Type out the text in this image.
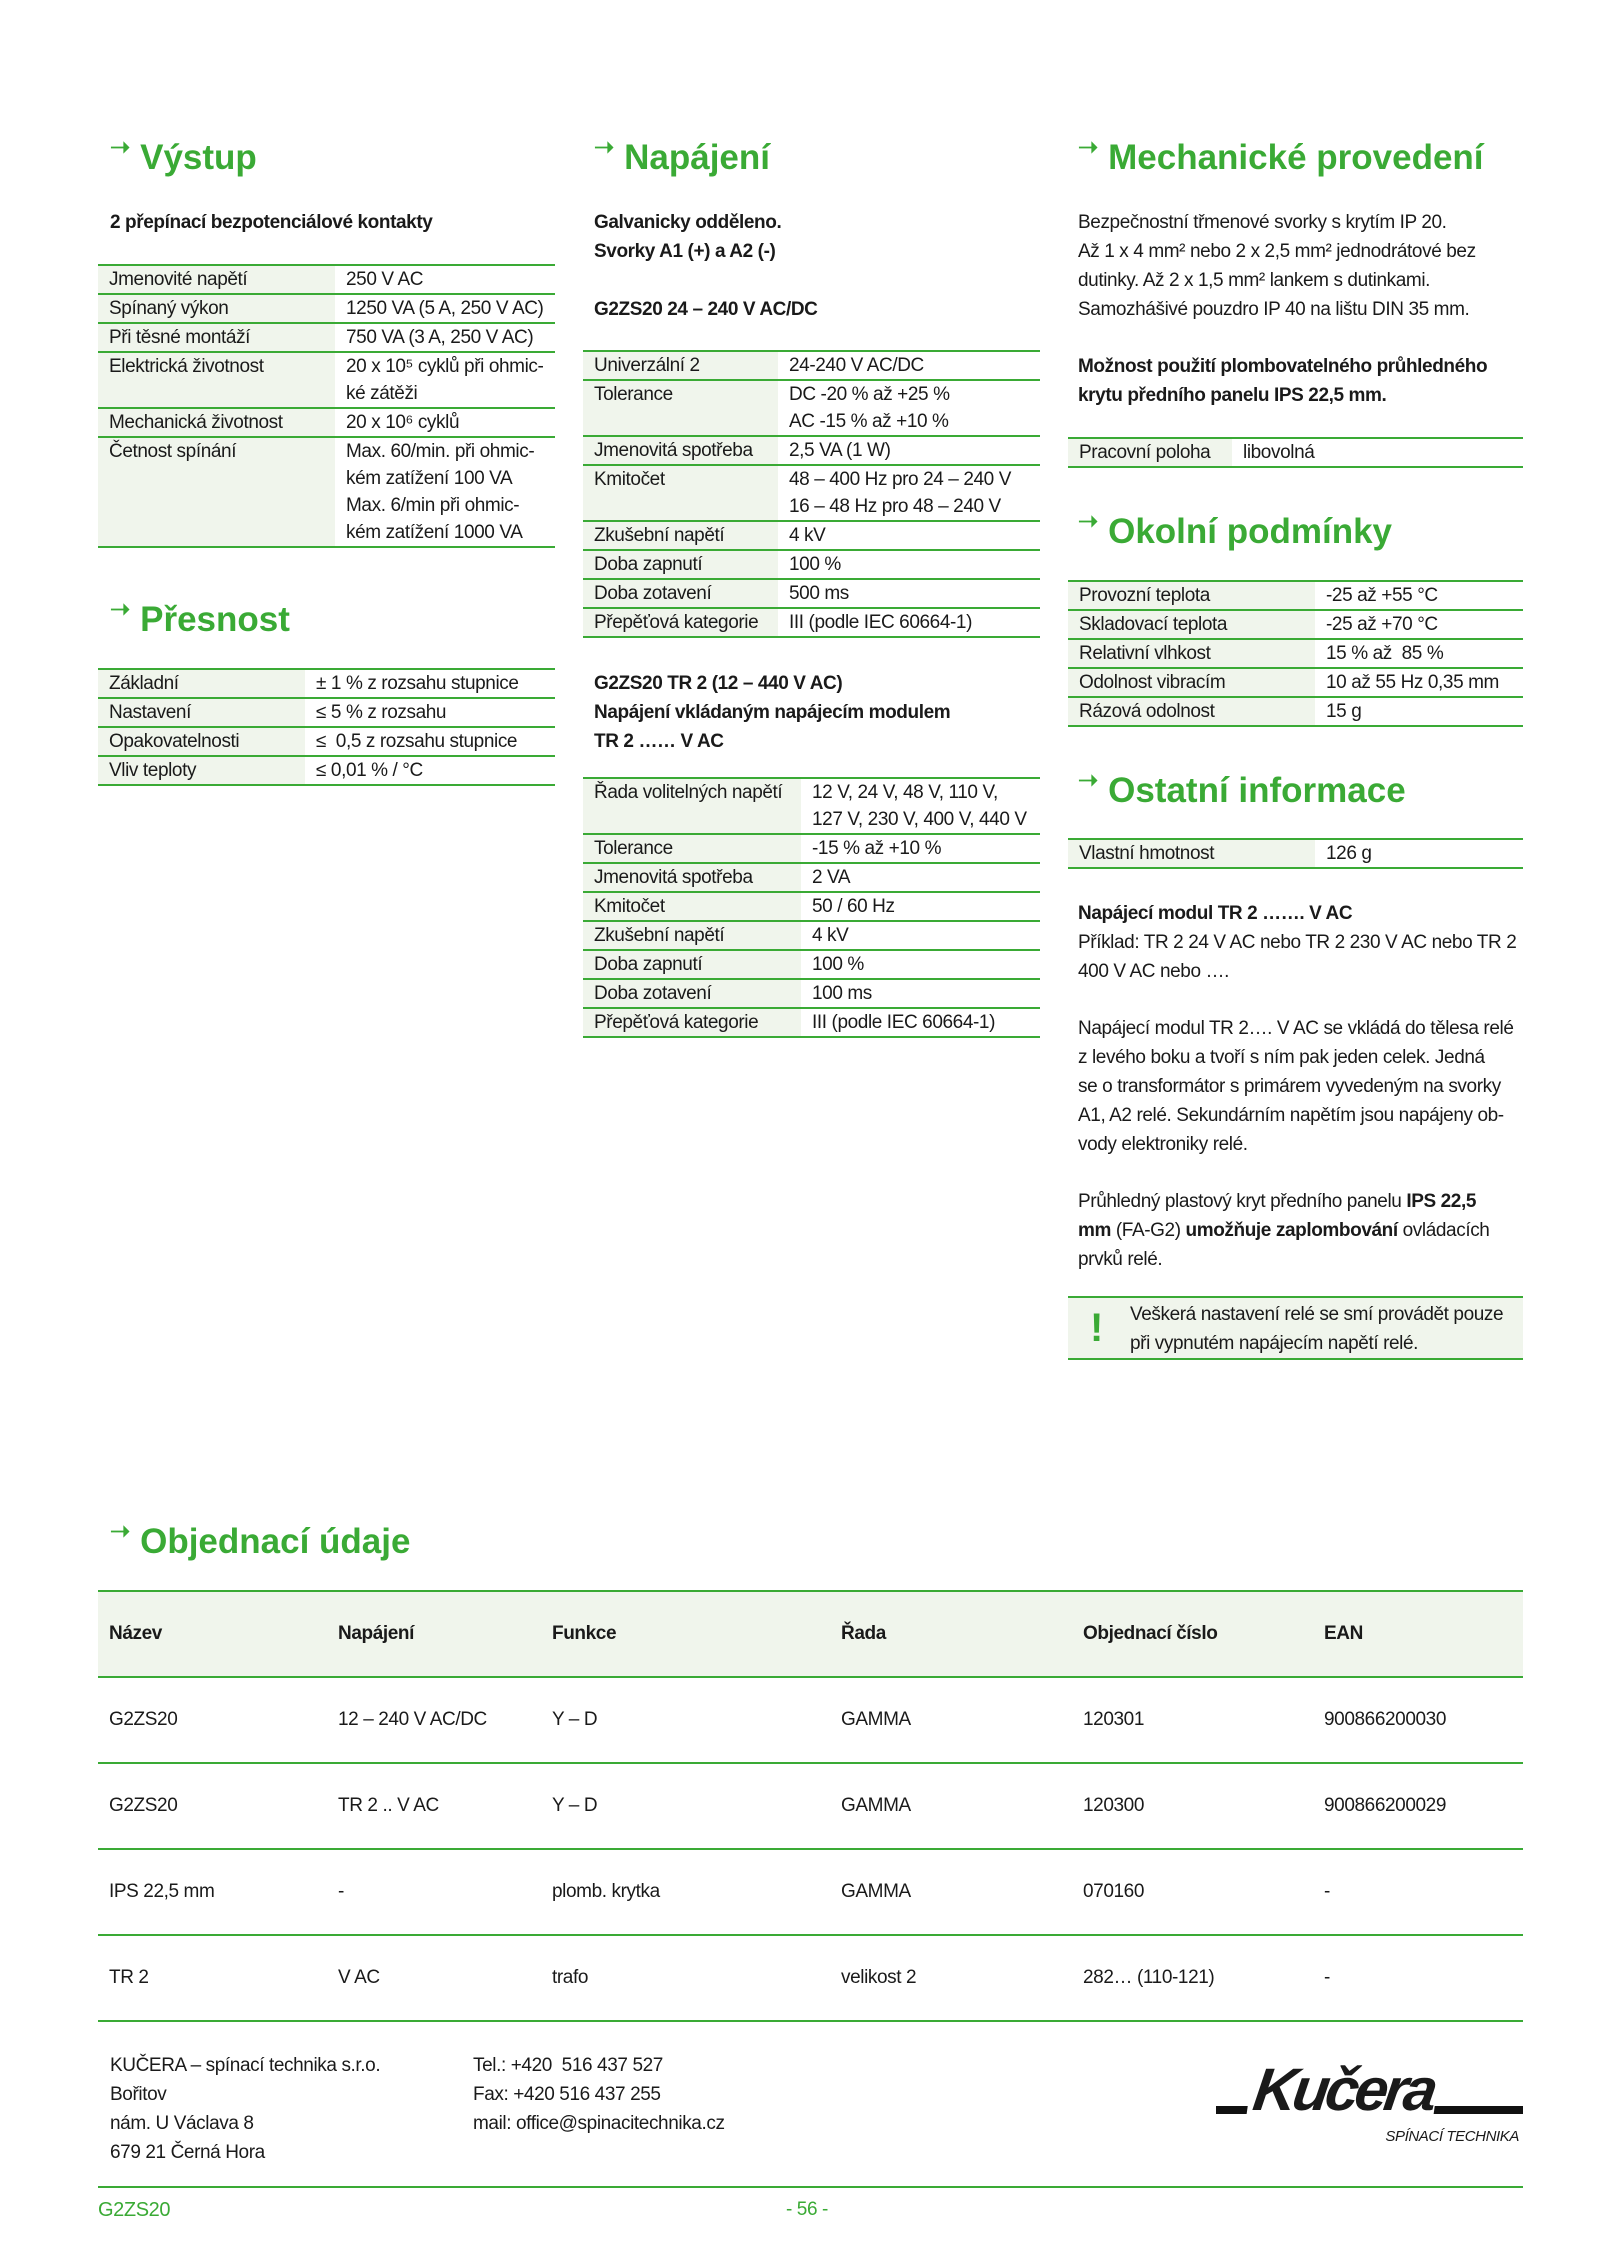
➝ Výstup
2 přepínací bezpotenciálové kontakty
Jmenovité napětí	250 V AC
Spínaný výkon	1250 VA (5 A, 250 V AC)
Při těsné montáží	750 VA (3 A, 250 V AC)
Elektrická životnost	20 x 10⁵ cyklů při ohmic-
ké zátěži
Mechanická životnost	20 x 10⁶ cyklů
Četnost spínání	Max. 60/min. při ohmic-
kém zatížení 100 VA
Max. 6/min při ohmic-
kém zatížení 1000 VA
➝ Přesnost
Základní	± 1 % z rozsahu stupnice
Nastavení	≤ 5 % z rozsahu
Opakovatelnosti	≤  0,5 z rozsahu stupnice
Vliv teploty	≤ 0,01 % / °C
➝ Napájení
Galvanicky odděleno.
Svorky A1 (+) a A2 (-)
G2ZS20 24 – 240 V AC/DC
Univerzální 2	24-240 V AC/DC
Tolerance	DC -20 % až +25 %
AC -15 % až +10 %
Jmenovitá spotřeba	2,5 VA (1 W)
Kmitočet	48 – 400 Hz pro 24 – 240 V
16 – 48 Hz pro 48 – 240 V
Zkušební napětí	4 kV
Doba zapnutí	100 %
Doba zotavení	500 ms
Přepěťová kategorie	III (podle IEC 60664-1)
G2ZS20 TR 2 (12 – 440 V AC)
Napájení vkládaným napájecím modulem
TR 2 …… V AC
Řada volitelných napětí	12 V, 24 V, 48 V, 110 V,
127 V, 230 V, 400 V, 440 V
Tolerance	-15 % až +10 %
Jmenovitá spotřeba	2 VA
Kmitočet	50 / 60 Hz
Zkušební napětí	4 kV
Doba zapnutí	100 %
Doba zotavení	100 ms
Přepěťová kategorie	III (podle IEC 60664-1)
➝ Mechanické provedení
Bezpečnostní třmenové svorky s krytím IP 20.
Až 1 x 4 mm² nebo 2 x 2,5 mm² jednodrátové bez
dutinky. Až 2 x 1,5 mm² lankem s dutinkami.
Samozhášivé pouzdro IP 40 na lištu DIN 35 mm.
Možnost použití plombovatelného průhledného
krytu předního panelu IPS 22,5 mm.
Pracovní poloha	libovolná
➝ Okolní podmínky
Provozní teplota	-25 až +55 °C
Skladovací teplota	-25 až +70 °C
Relativní vlhkost	15 % až  85 %
Odolnost vibracím	10 až 55 Hz 0,35 mm
Rázová odolnost	15 g
➝ Ostatní informace
Vlastní hmotnost	126 g
Napájecí modul TR 2 ……. V AC
Příklad: TR 2 24 V AC nebo TR 2 230 V AC nebo TR 2
400 V AC nebo ….
Napájecí modul TR 2…. V AC se vkládá do tělesa relé
z levého boku a tvoří s ním pak jeden celek. Jedná
se o transformátor s primárem vyvedeným na svorky
A1, A2 relé. Sekundárním napětím jsou napájeny ob-
vody elektroniky relé.
Průhledný plastový kryt předního panelu IPS 22,5
mm (FA-G2) umožňuje zaplombování ovládacích
prvků relé.
! Veškerá nastavení relé se smí provádět pouze
při vypnutém napájecím napětí relé.
➝ Objednací údaje
Název	Napájení	Funkce	Řada	Objednací číslo	EAN
G2ZS20	12 – 240 V AC/DC	Y – D	GAMMA	120301	900866200030
G2ZS20	TR 2 .. V AC	Y – D	GAMMA	120300	900866200029
IPS 22,5 mm	-	plomb. krytka	GAMMA	070160	-
TR 2	V AC	trafo	velikost 2	282… (110-121)	-
KUČERA – spínací technika s.r.o.
Bořitov
nám. U Václava 8
679 21 Černá Hora
Tel.: +420  516 437 527
Fax: +420 516 437 255
mail: office@spinacitechnika.cz
Kučera
SPÍNACÍ TECHNIKA
G2ZS20	- 56 -
